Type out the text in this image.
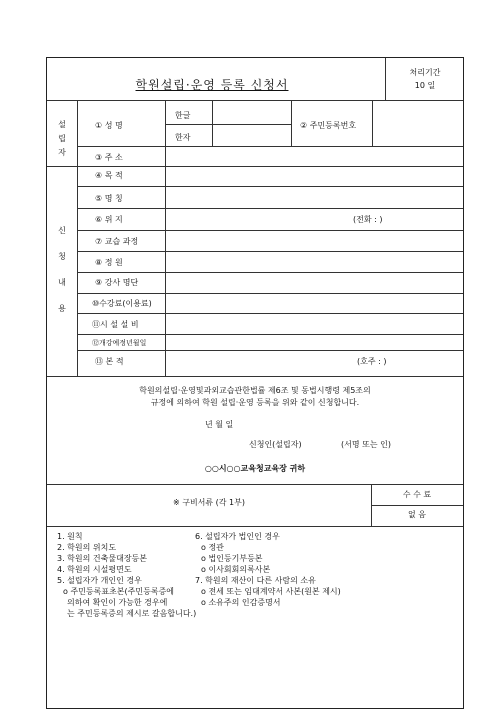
학원설립·운영 등록 신청서
처리기간
10 일
설
립
자
① 성 명
한글
한자
② 주민등록번호
③ 주 소
신
청
내
용
④ 목 적
⑤ 명 칭
⑥ 위 지	(전화 : )
⑦ 교습 과정
⑧ 정 원
⑨ 강사 명단
⑩수강료(이용료)
⑪시 설 설 비
⑫개강예정년월일
⑬ 본 적	(호주 : )
학원의설립·운영및과외교습관한법률 제6조 및 동법시행령 제5조의
규정에 의하여 학원 설립·운영 등록을 위와 같이 신청합니다.
년 월 일
신청인(설립자)	(서명 또는 인)
○○시○○교육청교육장 귀하
※ 구비서류 (각 1부)
수 수 료
없 음
1. 원칙
2. 학원의 위치도
3. 학원의 건축물대장등본
4. 학원의 시설평면도
5. 설립자가 개인인 경우
o 주민등록표초본(주민등록증에
의하여 확인이 가능한 경우에
는 주민등록증의 제시로 갈음합니다.)
6. 설립자가 법인인 경우
o 정관
o 법인등기부등본
o 이사회회의록사본
7. 학원의 재산이 다른 사람의 소유
o 전세 또는 임대계약서 사본(원본 제시)
o 소유주의 인감증명서
